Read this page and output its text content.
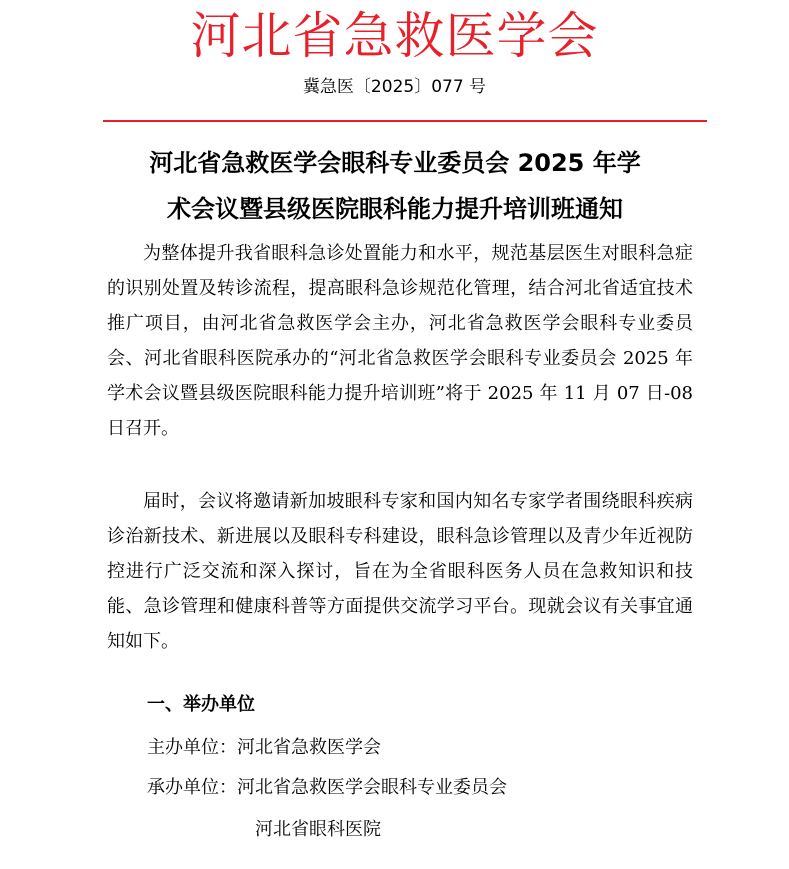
河北省急救医学会
冀急医〔2025〕077 号
河北省急救医学会眼科专业委员会 2025 年学
术会议暨县级医院眼科能力提升培训班通知

为整体提升我省眼科急诊处置能力和水平，规范基层医生对眼科急症的识别处置及转诊流程，提高眼科急诊规范化管理，结合河北省适宜技术推广项目，由河北省急救医学会主办，河北省急救医学会眼科专业委员会、河北省眼科医院承办的“河北省急救医学会眼科专业委员会 2025 年学术会议暨县级医院眼科能力提升培训班”将于 2025 年 11 月 07 日-08 日召开。

届时，会议将邀请新加坡眼科专家和国内知名专家学者围绕眼科疾病诊治新技术、新进展以及眼科专科建设，眼科急诊管理以及青少年近视防控进行广泛交流和深入探讨，旨在为全省眼科医务人员在急救知识和技能、急诊管理和健康科普等方面提供交流学习平台。现就会议有关事宜通知如下。

一、举办单位
主办单位：河北省急救医学会
承办单位：河北省急救医学会眼科专业委员会
河北省眼科医院
